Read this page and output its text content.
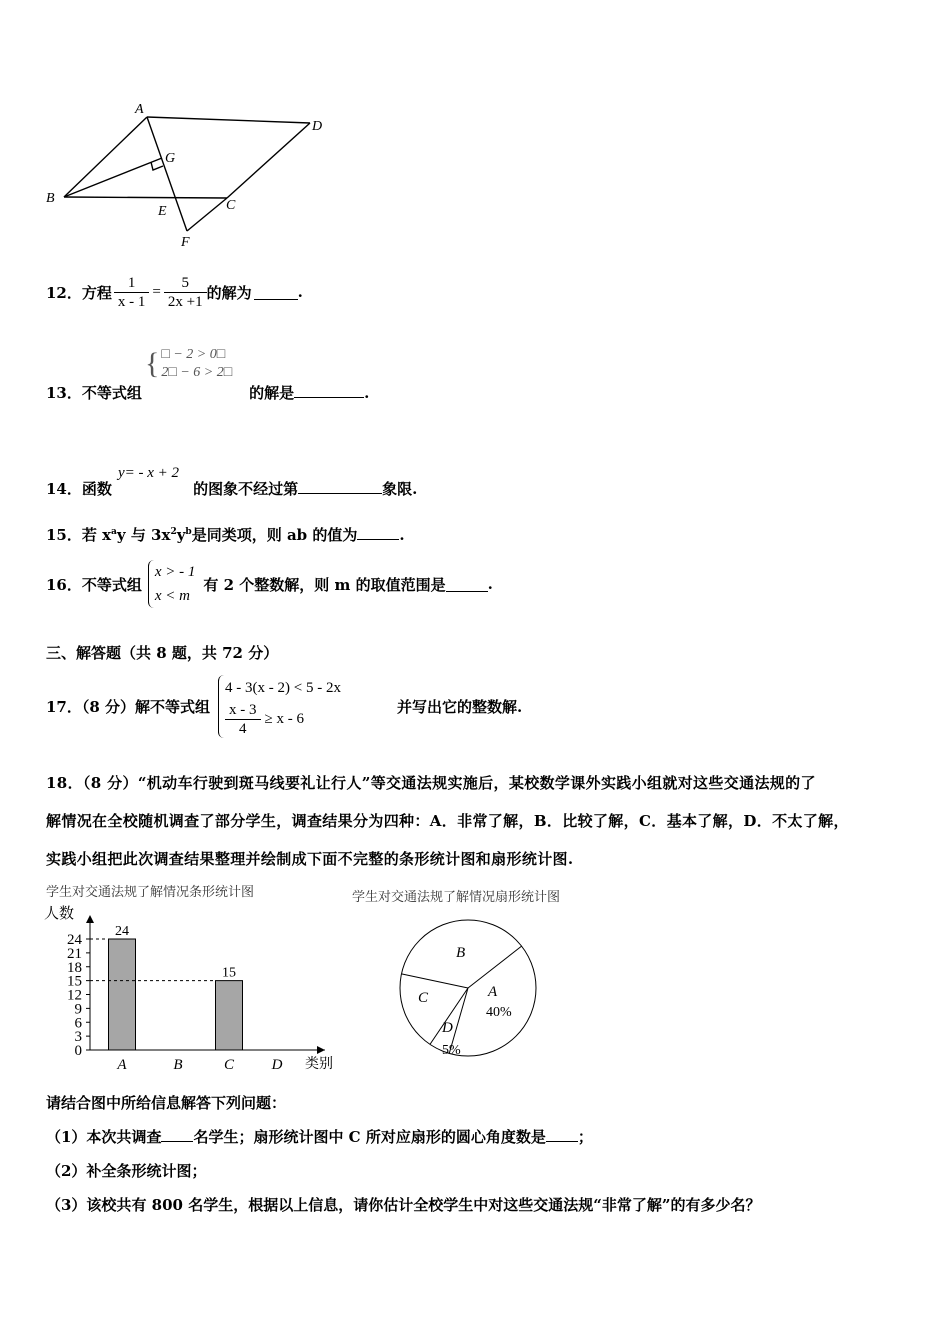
A
B	C
D
E
F
G
12． 方程 $\frac{1}{x - 1} = \frac{5}{2x +1}$ 的解为	.
{ □ − 2 > 0□
2□ − 6 > 2□
13．不等式组	的解是	.
y= - x + 2
14．函数	的图象不经过第	象限.
15．若 $x^ay$ 与 $3x^2y^b$是同类项，则 ab 的值为	.
16． 不等式组
x > - 1
x < m
有 2 个整数解，则 m 的取值范围是	.
三、解答题（共 8 题，共 72 分）
17．（8 分）解不等式组
4 - 3(x - 2) < 5 - 2x
$\frac{x - 3}{4} \ge x - 6$
并写出它的整数解.
18．（8 分）“机动车行驶到斑马线要礼让行人”等交通法规实施后，某校数学课外实践小组就对这些交通法规的了
解情况在全校随机调查了部分学生，调查结果分为四种：A．非常了解，B．比较了解，C．基本了解，D．不太了解，
实践小组把此次调查结果整理并绘制成下面不完整的条形统计图和扇形统计图.
学生对交通法规了解情况条形统计图
人数
类别
0
3
6
9
12
15
18
21
24
A
24
B	C
15
D
学生对交通法规了解情况扇形统计图
A
B
C
D
40%
5%
请结合图中所给信息解答下列问题：
（1）本次共调查 名学生；扇形统计图中 C 所对应扇形的圆心角度数是 ；
（2）补全条形统计图；
（3）该校共有 800 名学生，根据以上信息，请你估计全校学生中对这些交通法规“非常了解”的有多少名？
